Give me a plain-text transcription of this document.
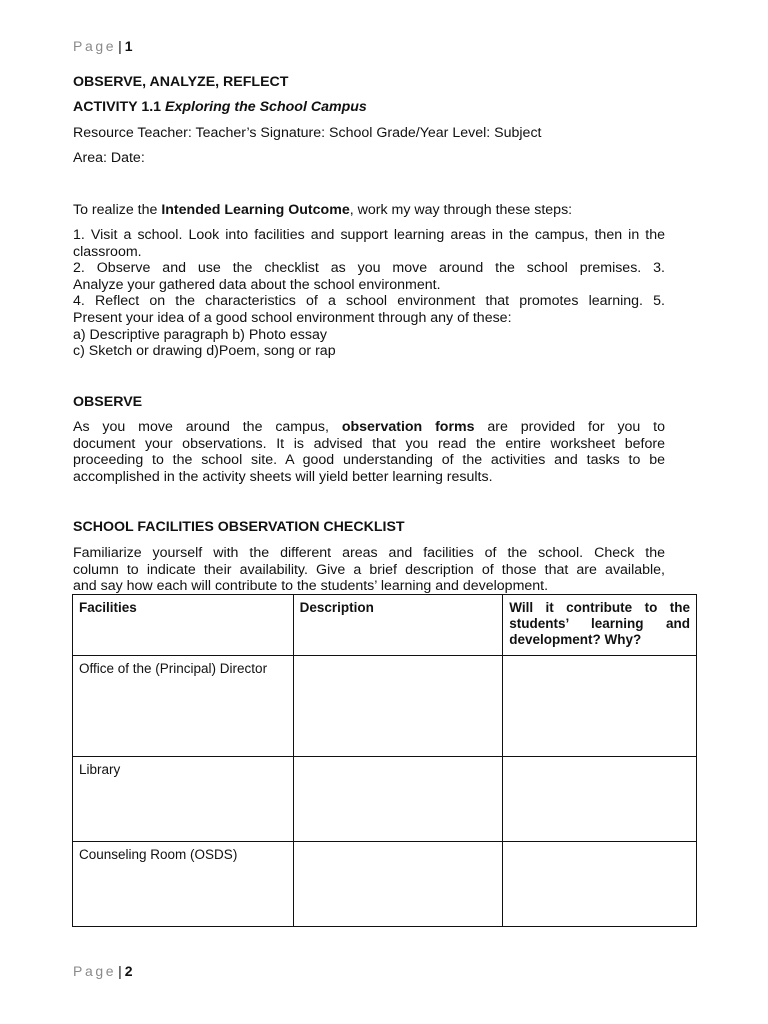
Page | 1
OBSERVE, ANALYZE, REFLECT
ACTIVITY 1.1 Exploring the School Campus
Resource Teacher: Teacher’s Signature: School Grade/Year Level: Subject
Area: Date:
To realize the Intended Learning Outcome, work my way through these steps:
1. Visit a school. Look into facilities and support learning areas in the campus, then in the
classroom.
2. Observe and use the checklist as you move around the school premises. 3.
Analyze your gathered data about the school environment.
4. Reflect on the characteristics of a school environment that promotes learning. 5.
Present your idea of a good school environment through any of these:
a) Descriptive paragraph b) Photo essay
c) Sketch or drawing d)Poem, song or rap
OBSERVE
As you move around the campus, observation forms are provided for you to
document your observations. It is advised that you read the entire worksheet before
proceeding to the school site. A good understanding of the activities and tasks to be
accomplished in the activity sheets will yield better learning results.
SCHOOL FACILITIES OBSERVATION CHECKLIST
Familiarize yourself with the different areas and facilities of the school. Check the
column to indicate their availability. Give a brief description of those that are available,
and say how each will contribute to the students’ learning and development.
Facilities	Description	Will it contribute to the students’ learning and development? Why?
Office of the (Principal) Director		
Library		
Counseling Room (OSDS)		
Page | 2
